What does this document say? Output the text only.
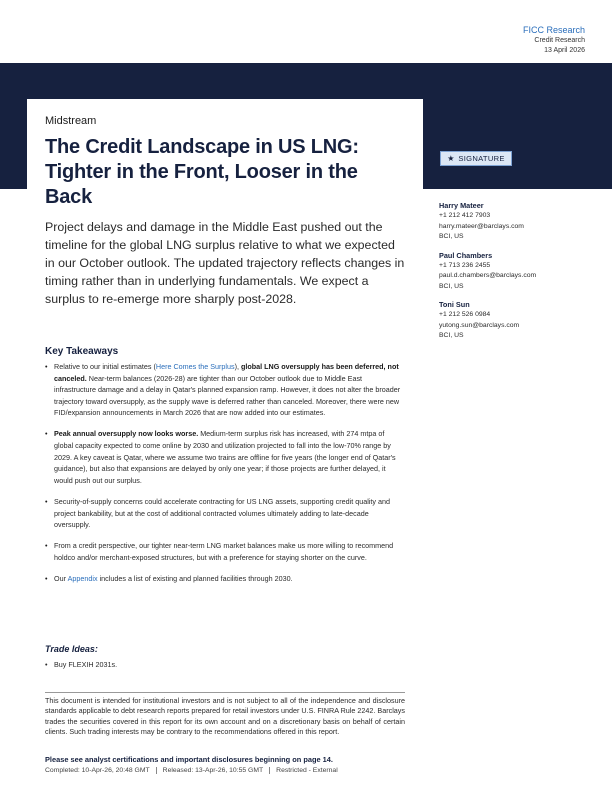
FICC Research
Credit Research
13 April 2026
Midstream
The Credit Landscape in US LNG: Tighter in the Front, Looser in the Back

Project delays and damage in the Middle East pushed out the timeline for the global LNG surplus relative to what we expected in our October outlook. The updated trajectory reflects changes in timing rather than in underlying fundamentals. We expect a surplus to re-emerge more sharply post-2028.

★ SIGNATURE
Harry Mateer
+1 212 412 7903
harry.mateer@barclays.com
BCI, US
Paul Chambers
+1 713 236 2455
paul.d.chambers@barclays.com
BCI, US
Toni Sun
+1 212 526 0984
yutong.sun@barclays.com
BCI, US
Key Takeaways
• Relative to our initial estimates (Here Comes the Surplus), global LNG oversupply has been deferred, not canceled. Near-term balances (2026-28) are tighter than our October outlook due to Middle East infrastructure damage and a delay in Qatar's planned expansion ramp. However, it does not alter the broader trajectory toward oversupply, as the supply wave is deferred rather than canceled. Moreover, there were new FID/expansion announcements in March 2026 that are now added into our estimates.
• Peak annual oversupply now looks worse. Medium-term surplus risk has increased, with 274 mtpa of global capacity expected to come online by 2030 and utilization projected to fall into the low-70% range by 2029. A key caveat is Qatar, where we assume two trains are offline for five years (the longer end of Qatar's guidance), but also that expansions are delayed by only one year; if those projects are further delayed, it would push out our surplus.
• Security-of-supply concerns could accelerate contracting for US LNG assets, supporting credit quality and project bankability, but at the cost of additional contracted volumes ultimately adding to late-decade oversupply.
• From a credit perspective, our tighter near-term LNG market balances make us more willing to recommend holdco and/or merchant-exposed structures, but with a preference for staying shorter on the curve.
• Our Appendix includes a list of existing and planned facilities through 2030.
Trade Ideas:
• Buy FLEXIH 2031s.

This document is intended for institutional investors and is not subject to all of the independence and disclosure standards applicable to debt research reports prepared for retail investors under U.S. FINRA Rule 2242. Barclays trades the securities covered in this report for its own account and on a discretionary basis on behalf of certain clients. Such trading interests may be contrary to the recommendations offered in this report.

Please see analyst certifications and important disclosures beginning on page 14.
Completed: 10-Apr-26, 20:48 GMT	Released: 13-Apr-26, 10:55 GMT	Restricted - External
